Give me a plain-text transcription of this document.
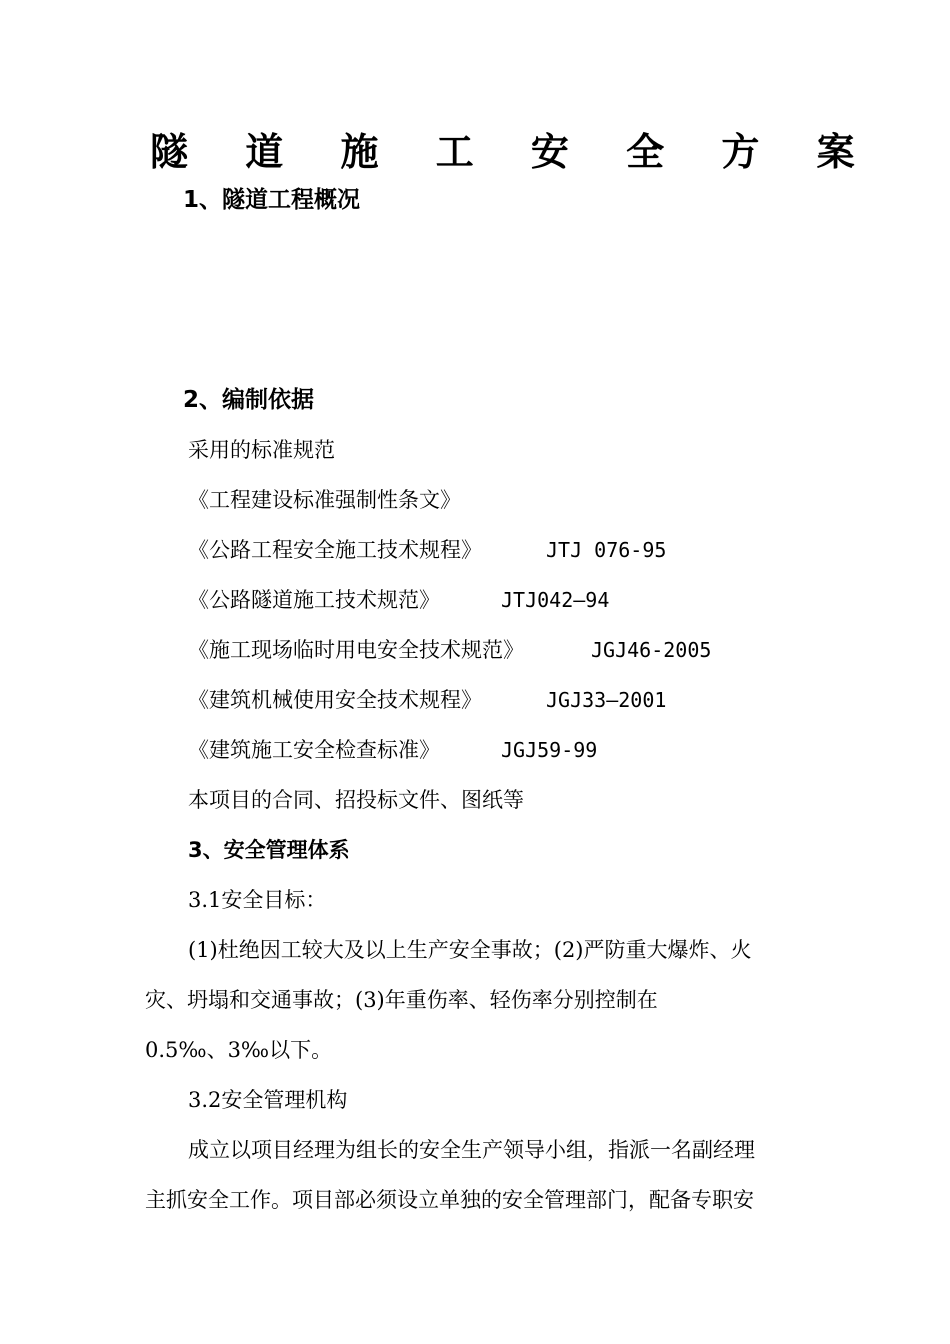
隧 道 施 工 安 全 方 案
1、隧道工程概况
2、编制依据

采用的标准规范

《工程建设标准强制性条文》

《公路工程安全施工技术规程》	JTJ 076-95

《公路隧道施工技术规范》	JTJ042—94

《施工现场临时用电安全技术规范》	JGJ46-2005

《建筑机械使用安全技术规程》	JGJ33—2001

《建筑施工安全检查标准》	JGJ59-99

本项目的合同、招投标文件、图纸等

3、安全管理体系

3.1安全目标：

(1)杜绝因工较大及以上生产安全事故；(2)严防重大爆炸、火

灾、坍塌和交通事故；(3)年重伤率、轻伤率分别控制在

0.5‰、3‰以下。

3.2安全管理机构

成立以项目经理为组长的安全生产领导小组，指派一名副经理

主抓安全工作。项目部必须设立单独的安全管理部门，配备专职安
